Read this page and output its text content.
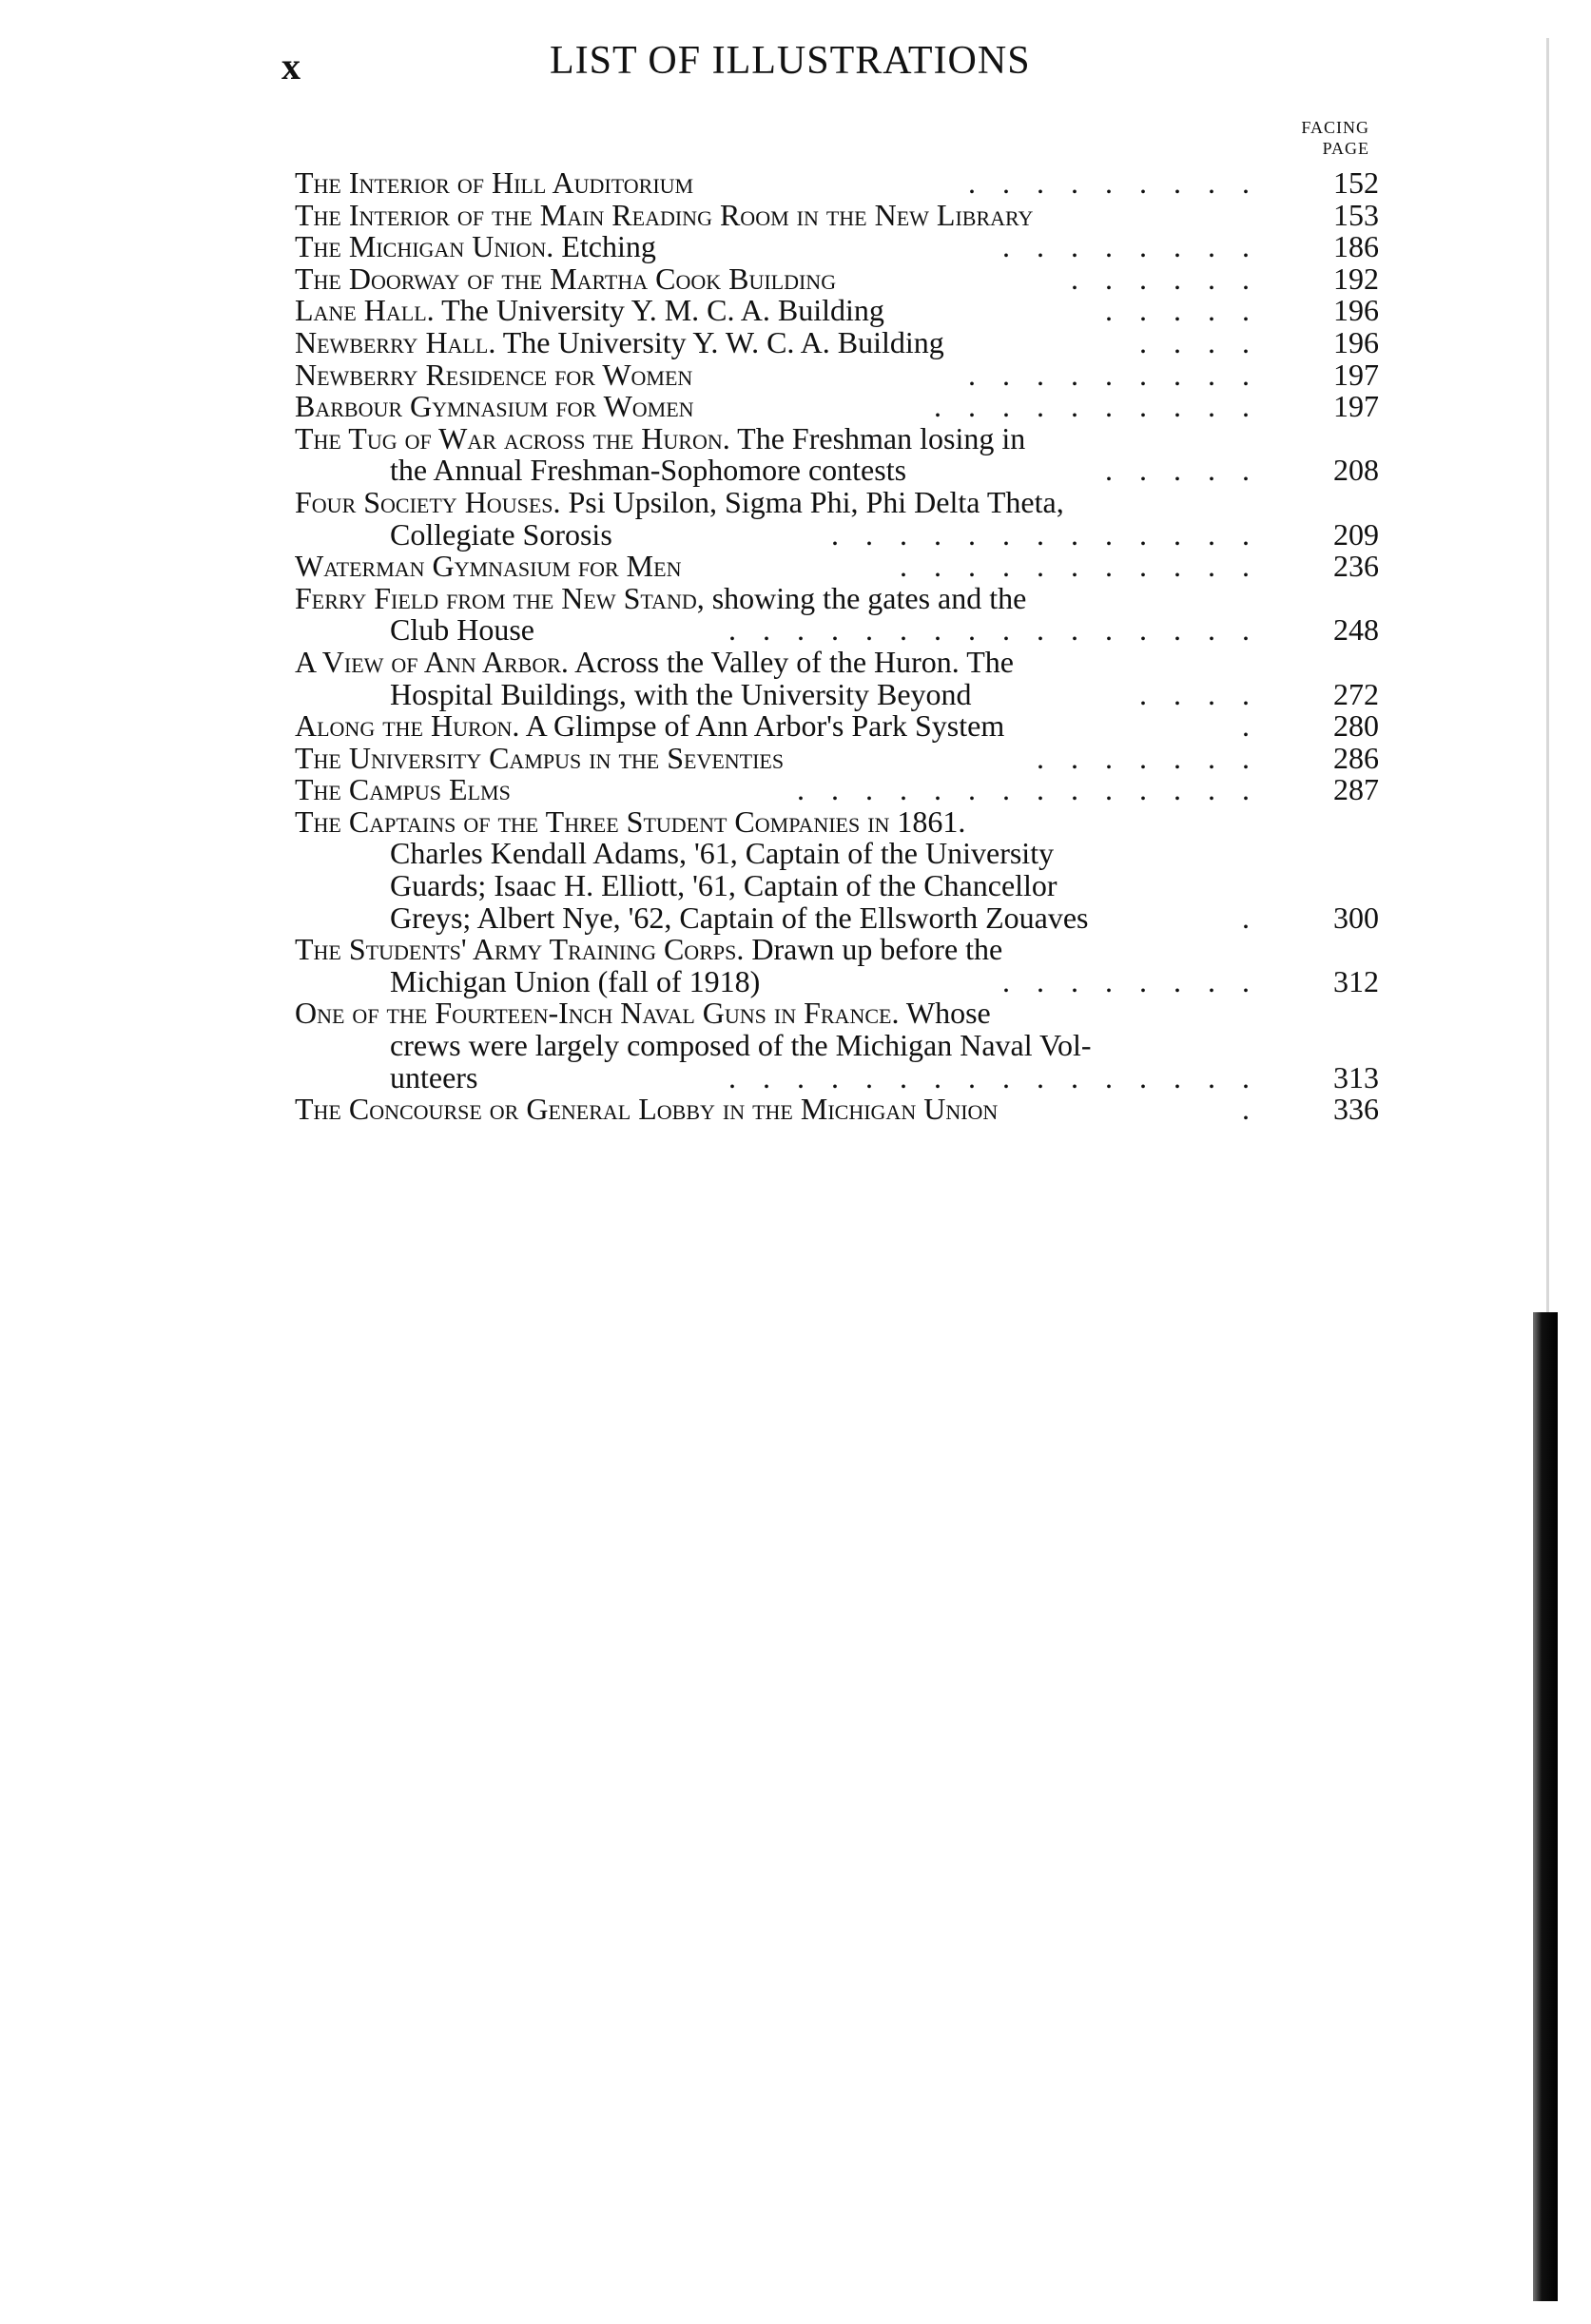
x	LIST OF ILLUSTRATIONS
FACING
PAGE
The Interior of Hill Auditorium	. . . . . . . . .	152
The Interior of the Main Reading Room in the New Library	153
The Michigan Union. Etching	. . . . . . . .	186
The Doorway of the Martha Cook Building	. . . . . .	192
Lane Hall. The University Y. M. C. A. Building	. . . . .	196
Newberry Hall. The University Y. W. C. A. Building	. . . .	196
Newberry Residence for Women	. . . . . . . . .	197
Barbour Gymnasium for Women	. . . . . . . . . .	197
The Tug of War across the Huron. The Freshman losing in
the Annual Freshman-Sophomore contests	. . . . .	208
Four Society Houses. Psi Upsilon, Sigma Phi, Phi Delta Theta,
Collegiate Sorosis	. . . . . . . . . . . . .	209
Waterman Gymnasium for Men	. . . . . . . . . . .	236
Ferry Field from the New Stand, showing the gates and the
Club House	. . . . . . . . . . . . . . . .	248
A View of Ann Arbor. Across the Valley of the Huron. The
Hospital Buildings, with the University Beyond	. . . .	272
Along the Huron. A Glimpse of Ann Arbor's Park System	.	280
The University Campus in the Seventies	. . . . . . .	286
The Campus Elms	. . . . . . . . . . . . . .	287
The Captains of the Three Student Companies in 1861.
Charles Kendall Adams, '61, Captain of the University
Guards; Isaac H. Elliott, '61, Captain of the Chancellor
Greys; Albert Nye, '62, Captain of the Ellsworth Zouaves	.	300
The Students' Army Training Corps. Drawn up before the
Michigan Union (fall of 1918)	. . . . . . . .	312
One of the Fourteen-Inch Naval Guns in France. Whose
crews were largely composed of the Michigan Naval Vol-
unteers	. . . . . . . . . . . . . . . .	313
The Concourse or General Lobby in the Michigan Union	.	336
